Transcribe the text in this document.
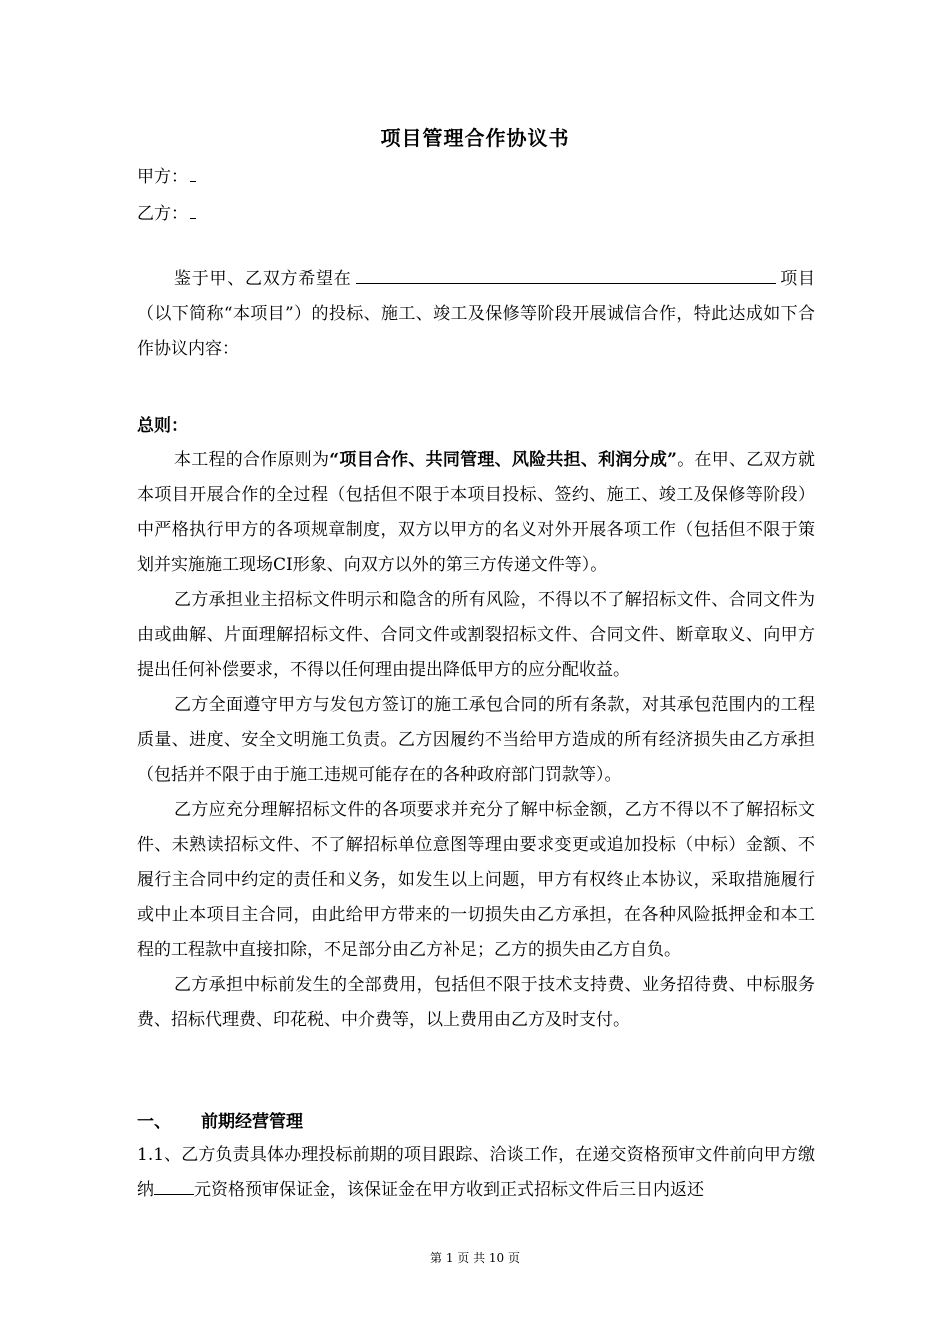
项目管理合作协议书
甲方：
乙方：

鉴于甲、乙双方希望在	项目（以下简称“本项目”）的投标、施工、竣工及保修等阶段开展诚信合作，特此达成如下合作协议内容：

总则：

本工程的合作原则为“项目合作、共同管理、风险共担、利润分成”。在甲、乙双方就本项目开展合作的全过程（包括但不限于本项目投标、签约、施工、竣工及保修等阶段）中严格执行甲方的各项规章制度，双方以甲方的名义对外开展各项工作（包括但不限于策划并实施施工现场CI形象、向双方以外的第三方传递文件等）。

乙方承担业主招标文件明示和隐含的所有风险，不得以不了解招标文件、合同文件为由或曲解、片面理解招标文件、合同文件或割裂招标文件、合同文件、断章取义、向甲方提出任何补偿要求，不得以任何理由提出降低甲方的应分配收益。

乙方全面遵守甲方与发包方签订的施工承包合同的所有条款，对其承包范围内的工程质量、进度、安全文明施工负责。乙方因履约不当给甲方造成的所有经济损失由乙方承担（包括并不限于由于施工违规可能存在的各种政府部门罚款等）。

乙方应充分理解招标文件的各项要求并充分了解中标金额，乙方不得以不了解招标文件、未熟读招标文件、不了解招标单位意图等理由要求变更或追加投标（中标）金额、不履行主合同中约定的责任和义务，如发生以上问题，甲方有权终止本协议，采取措施履行或中止本项目主合同，由此给甲方带来的一切损失由乙方承担，在各种风险抵押金和本工程的工程款中直接扣除，不足部分由乙方补足；乙方的损失由乙方自负。

乙方承担中标前发生的全部费用，包括但不限于技术支持费、业务招待费、中标服务费、招标代理费、印花税、中介费等，以上费用由乙方及时支付。

一、 前期经营管理

1.1、乙方负责具体办理投标前期的项目跟踪、洽谈工作，在递交资格预审文件前向甲方缴纳 元资格预审保证金，该保证金在甲方收到正式招标文件后三日内返还

第 1 页 共 10 页
